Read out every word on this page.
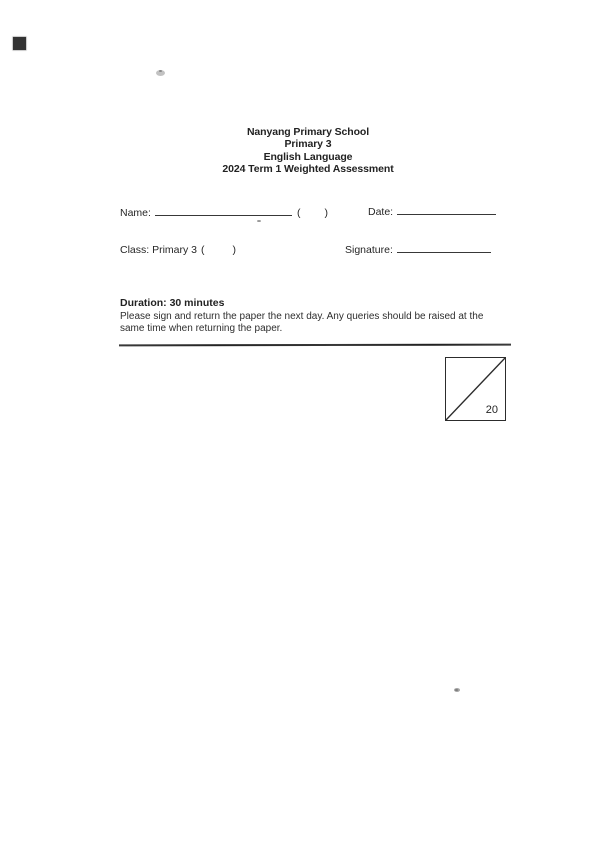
Nanyang Primary School
Primary 3
English Language
2024 Term 1 Weighted Assessment
Name:	( )	Date:
Class: Primary 3 (	)	Signature:
Duration: 30 minutes
Please sign and return the paper the next day. Any queries should be raised at the
same time when returning the paper.
20
